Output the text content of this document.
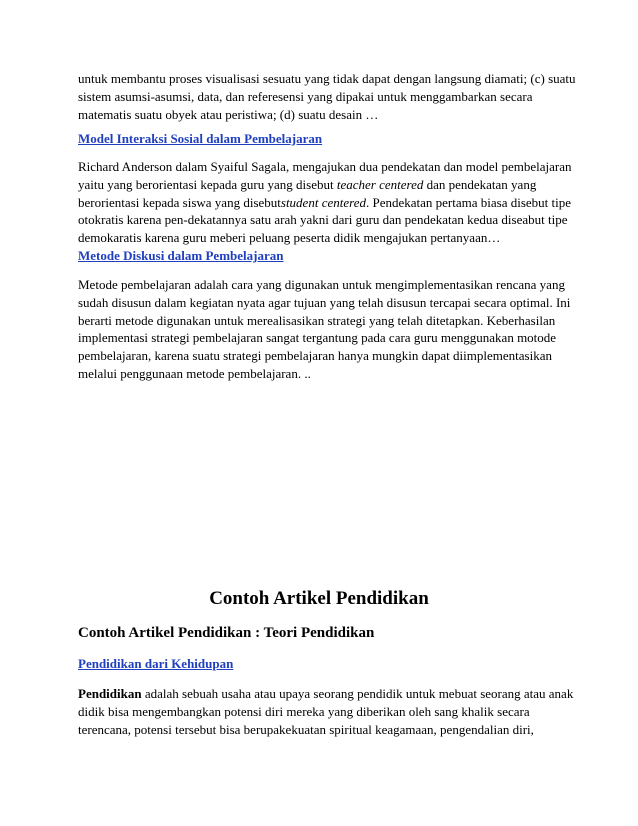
untuk membantu proses visualisasi sesuatu yang tidak dapat dengan langsung diamati; (c) suatu
sistem asumsi-asumsi, data, dan referesensi yang dipakai untuk menggambarkan secara
matematis suatu obyek atau peristiwa; (d) suatu desain …

Model Interaksi Sosial dalam Pembelajaran

Richard Anderson dalam Syaiful Sagala, mengajukan dua pendekatan dan model pembelajaran
yaitu yang berorientasi kepada guru yang disebut teacher centered dan pendekatan yang
berorientasi kepada siswa yang disebutstudent centered. Pendekatan pertama biasa disebut tipe
otokratis karena pen-dekatannya satu arah yakni dari guru dan pendekatan kedua diseabut tipe
demokaratis karena guru meberi peluang peserta didik mengajukan pertanyaan…

Metode Diskusi dalam Pembelajaran

Metode pembelajaran adalah cara yang digunakan untuk mengimplementasikan rencana yang
sudah disusun dalam kegiatan nyata agar tujuan yang telah disusun tercapai secara optimal. Ini
berarti metode digunakan untuk merealisasikan strategi yang telah ditetapkan. Keberhasilan
implementasi strategi pembelajaran sangat tergantung pada cara guru menggunakan motode
pembelajaran, karena suatu strategi pembelajaran hanya mungkin dapat diimplementasikan
melalui penggunaan metode pembelajaran. ..

Contoh Artikel Pendidikan
Contoh Artikel Pendidikan : Teori Pendidikan
Pendidikan dari Kehidupan

Pendidikan adalah sebuah usaha atau upaya seorang pendidik untuk mebuat seorang atau anak
didik bisa mengembangkan potensi diri mereka yang diberikan oleh sang khalik secara
terencana, potensi tersebut bisa berupakekuatan spiritual keagamaan, pengendalian diri,
